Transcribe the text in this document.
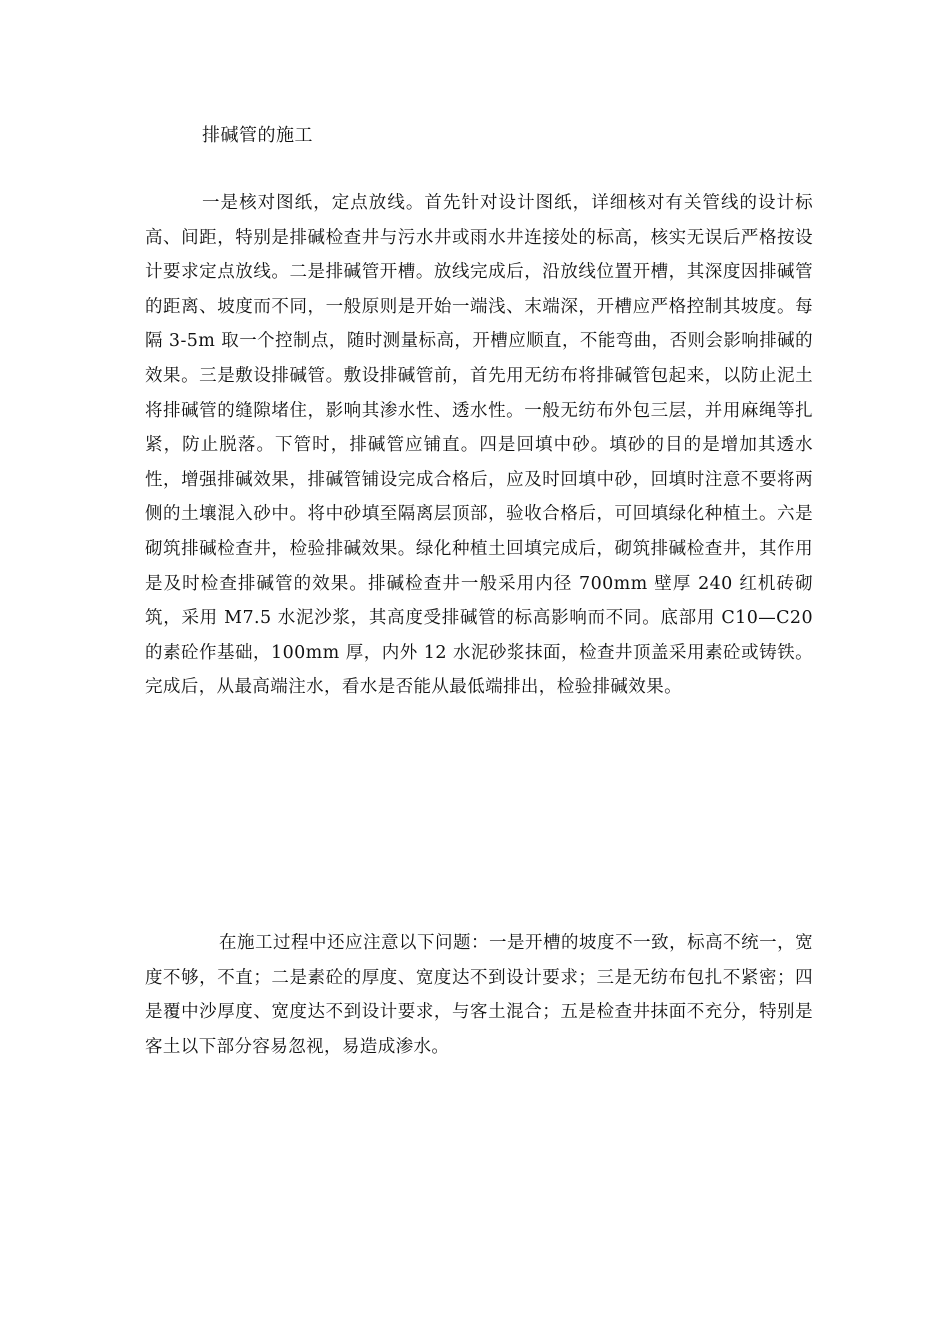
排碱管的施工

一是核对图纸，定点放线。首先针对设计图纸，详细核对有关管线的设计标高、间距，特别是排碱检查井与污水井或雨水井连接处的标高，核实无误后严格按设计要求定点放线。二是排碱管开槽。放线完成后，沿放线位置开槽，其深度因排碱管的距离、坡度而不同，一般原则是开始一端浅、末端深，开槽应严格控制其坡度。每隔 3-5m 取一个控制点，随时测量标高，开槽应顺直，不能弯曲，否则会影响排碱的效果。三是敷设排碱管。敷设排碱管前，首先用无纺布将排碱管包起来，以防止泥土将排碱管的缝隙堵住，影响其渗水性、透水性。一般无纺布外包三层，并用麻绳等扎紧，防止脱落。下管时，排碱管应铺直。四是回填中砂。填砂的目的是增加其透水性，增强排碱效果，排碱管铺设完成合格后，应及时回填中砂，回填时注意不要将两侧的土壤混入砂中。将中砂填至隔离层顶部，验收合格后，可回填绿化种植土。六是砌筑排碱检查井，检验排碱效果。绿化种植土回填完成后，砌筑排碱检查井，其作用是及时检查排碱管的效果。排碱检查井一般采用内径 700mm 壁厚 240 红机砖砌筑，采用 M7.5 水泥沙浆，其高度受排碱管的标高影响而不同。底部用 C10—C20 的素砼作基础，100mm 厚，内外 12 水泥砂浆抹面，检查井顶盖采用素砼或铸铁。完成后，从最高端注水，看水是否能从最低端排出，检验排碱效果。

在施工过程中还应注意以下问题：一是开槽的坡度不一致，标高不统一，宽度不够，不直；二是素砼的厚度、宽度达不到设计要求；三是无纺布包扎不紧密；四是覆中沙厚度、宽度达不到设计要求，与客土混合；五是检查井抹面不充分，特别是客土以下部分容易忽视，易造成渗水。
